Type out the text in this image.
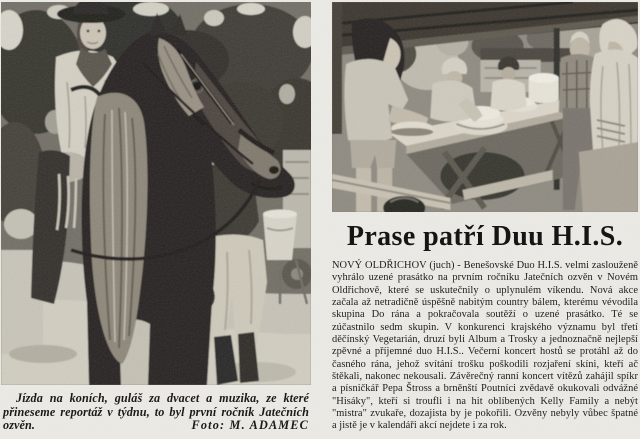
Jízda na koních, guláš za dvacet a muzika, ze které přineseme reportáž v týdnu, to byl první ročník Jatečních ozvěn.	Foto: M. ADAMEC

Prase patří Duu H.I.S.

NOVÝ OLDŘICHOV (juch) - Benešovské Duo H.I.S. velmi zaslouženě vyhrálo uzené prasátko na prvním ročníku Jatečních ozvěn v Novém Oldřichově, které se uskutečnily o uplynulém víkendu. Nová akce začala až netradičně úspěšně nabitým country bálem, kterému vévodila skupina Do rána a pokračovala soutěží o uzené prasátko. Té se zúčastnilo sedm skupin. V konkurenci krajského významu byl třetí děčínský Vegetarián, druzí byli Album a Trosky a jednoznačně nejlepší zpěvné a příjemné duo H.I.S.. Večerní koncert hostů se protáhl až do časného rána, jehož svítání trošku poškodili rozjaření skíni, kteří ač štěkali, nakonec nekousali. Závěrečný ranní koncert vítězů zahájil spíkr a písničkář Pepa Štross a brněnští Poutníci zvědavě okukovali odvážné "Hisáky", kteří si troufli i na hit oblíbených Kelly Family a nebýt "mistra" zvukaře, dozajista by je pokořili. Ozvěny nebyly vůbec špatné a jistě je v kalendáři akcí nejdete i za rok.
